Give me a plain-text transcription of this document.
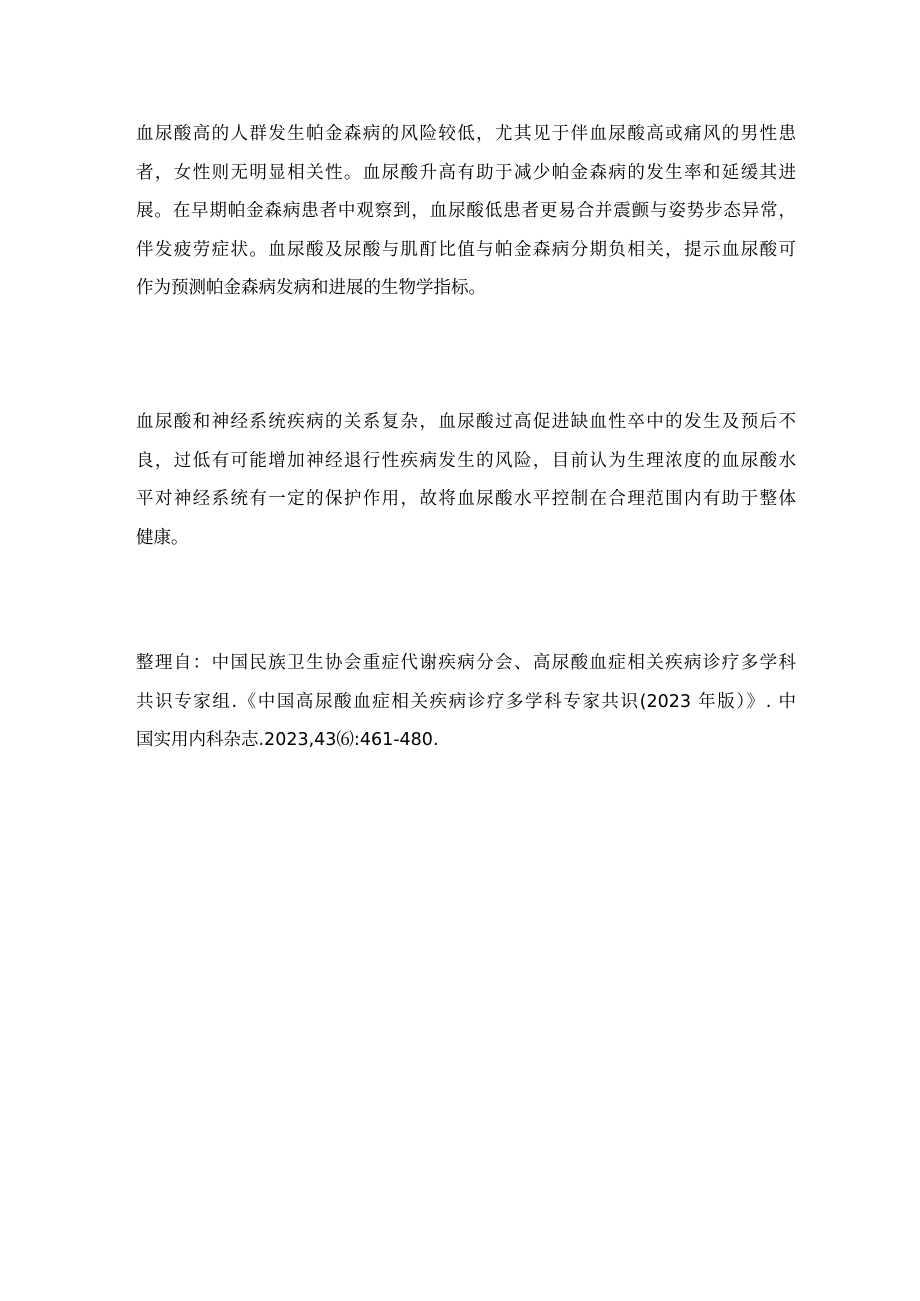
血尿酸高的人群发生帕金森病的风险较低，尤其见于伴血尿酸高或痛风的男性患
者，女性则无明显相关性。血尿酸升高有助于减少帕金森病的发生率和延缓其进
展。在早期帕金森病患者中观察到，血尿酸低患者更易合并震颤与姿势步态异常，
伴发疲劳症状。血尿酸及尿酸与肌酊比值与帕金森病分期负相关，提示血尿酸可
作为预测帕金森病发病和进展的生物学指标。
血尿酸和神经系统疾病的关系复杂，血尿酸过高促进缺血性卒中的发生及预后不
良，过低有可能增加神经退行性疾病发生的风险，目前认为生理浓度的血尿酸水
平对神经系统有一定的保护作用，故将血尿酸水平控制在合理范围内有助于整体
健康。
整理自：中国民族卫生协会重症代谢疾病分会、高尿酸血症相关疾病诊疗多学科
共识专家组.《中国高尿酸血症相关疾病诊疗多学科专家共识(2023 年版）》. 中
国实用内科杂志.2023,43⑹:461-480.
